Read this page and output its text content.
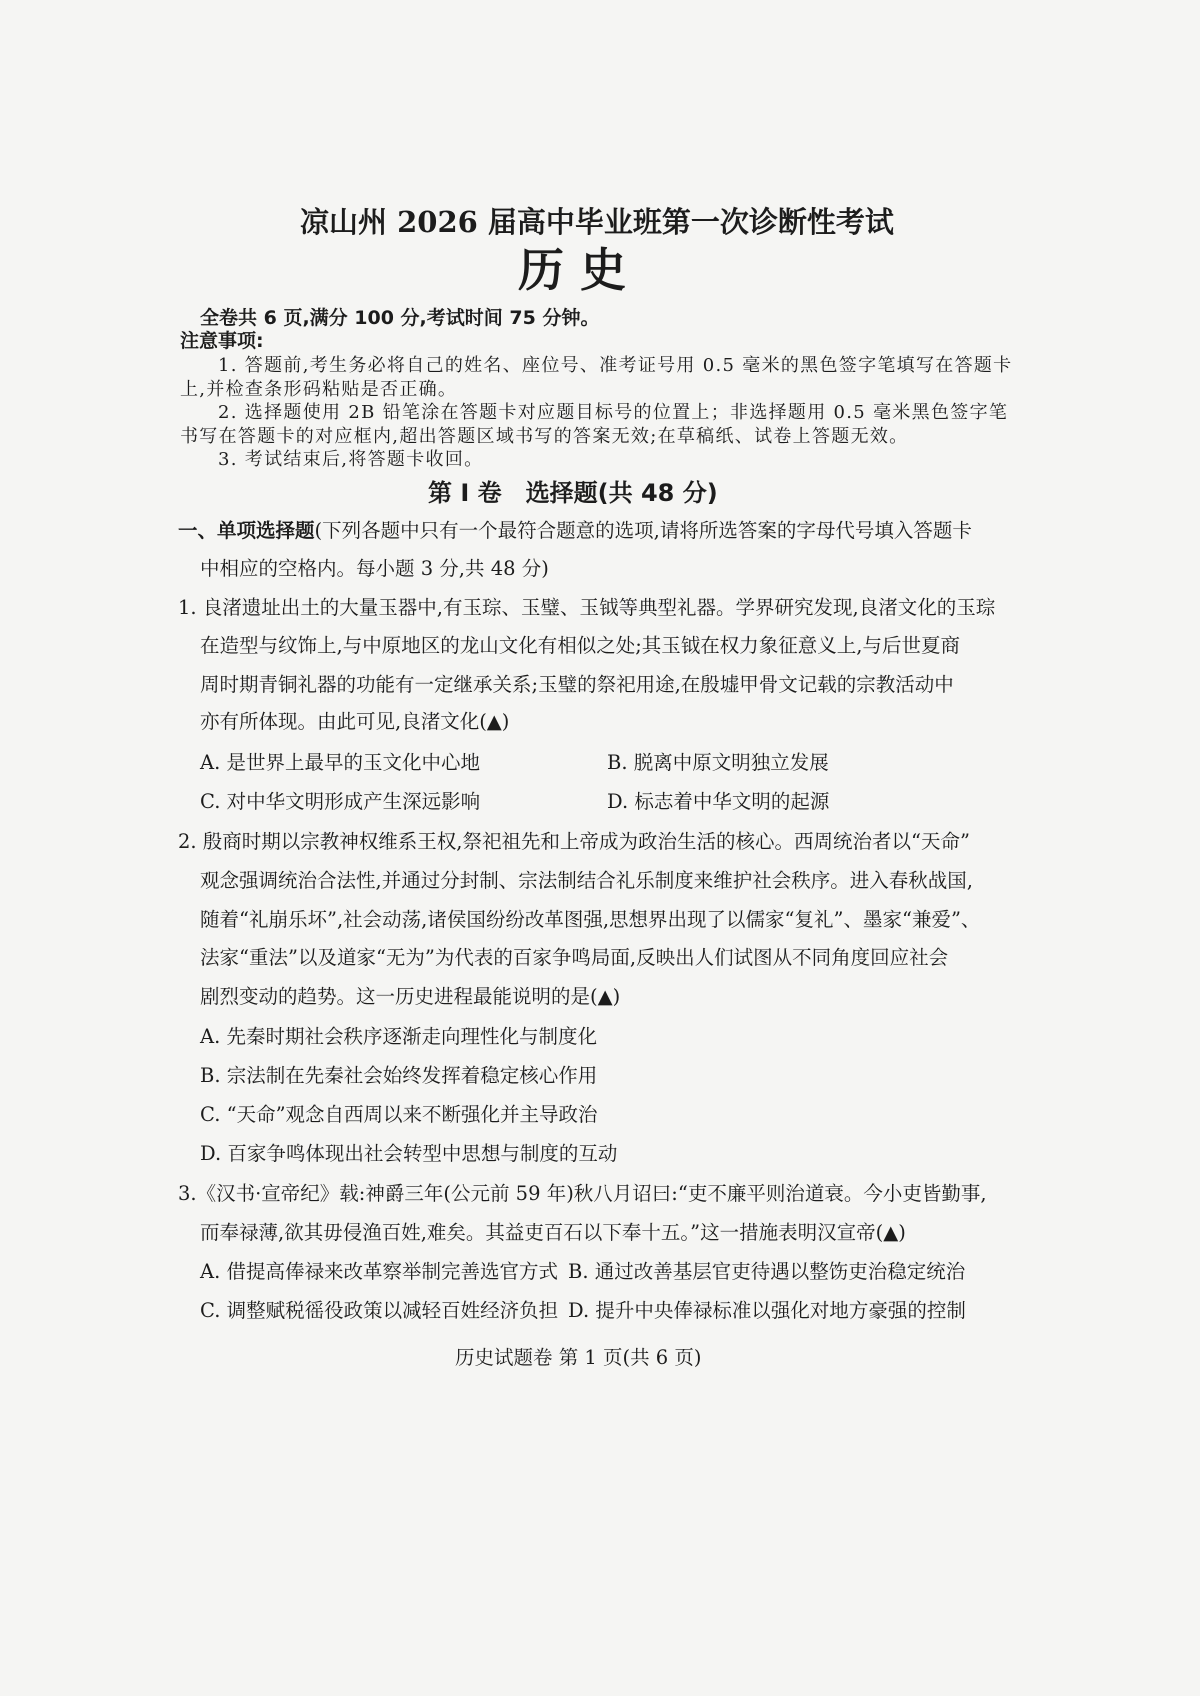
凉山州 2026 届高中毕业班第一次诊断性考试
历 史
全卷共 6 页,满分 100 分,考试时间 75 分钟。
注意事项:
1. 答题前,考生务必将自己的姓名、座位号、准考证号用 0.5 毫米的黑色签字笔填写在答题卡
上,并检查条形码粘贴是否正确。
2. 选择题使用 2B 铅笔涂在答题卡对应题目标号的位置上；非选择题用 0.5 毫米黑色签字笔
书写在答题卡的对应框内,超出答题区域书写的答案无效;在草稿纸、试卷上答题无效。
3. 考试结束后,将答题卡收回。
第 I 卷　选择题(共 48 分)
一、单项选择题(下列各题中只有一个最符合题意的选项,请将所选答案的字母代号填入答题卡
中相应的空格内。每小题 3 分,共 48 分)
1. 良渚遗址出土的大量玉器中,有玉琮、玉璧、玉钺等典型礼器。学界研究发现,良渚文化的玉琮
在造型与纹饰上,与中原地区的龙山文化有相似之处;其玉钺在权力象征意义上,与后世夏商
周时期青铜礼器的功能有一定继承关系;玉璧的祭祀用途,在殷墟甲骨文记载的宗教活动中
亦有所体现。由此可见,良渚文化(▲)
A. 是世界上最早的玉文化中心地	B. 脱离中原文明独立发展
C. 对中华文明形成产生深远影响	D. 标志着中华文明的起源
2. 殷商时期以宗教神权维系王权,祭祀祖先和上帝成为政治生活的核心。西周统治者以“天命”
观念强调统治合法性,并通过分封制、宗法制结合礼乐制度来维护社会秩序。进入春秋战国,
随着“礼崩乐坏”,社会动荡,诸侯国纷纷改革图强,思想界出现了以儒家“复礼”、墨家“兼爱”、
法家“重法”以及道家“无为”为代表的百家争鸣局面,反映出人们试图从不同角度回应社会
剧烈变动的趋势。这一历史进程最能说明的是(▲)
A. 先秦时期社会秩序逐渐走向理性化与制度化
B. 宗法制在先秦社会始终发挥着稳定核心作用
C. “天命”观念自西周以来不断强化并主导政治
D. 百家争鸣体现出社会转型中思想与制度的互动
3.《汉书·宣帝纪》载:神爵三年(公元前 59 年)秋八月诏曰:“吏不廉平则治道衰。今小吏皆勤事,
而奉禄薄,欲其毋侵渔百姓,难矣。其益吏百石以下奉十五。”这一措施表明汉宣帝(▲)
A. 借提高俸禄来改革察举制完善选官方式 B. 通过改善基层官吏待遇以整饬吏治稳定统治
C. 调整赋税徭役政策以减轻百姓经济负担 D. 提升中央俸禄标准以强化对地方豪强的控制
历史试题卷 第 1 页(共 6 页)
